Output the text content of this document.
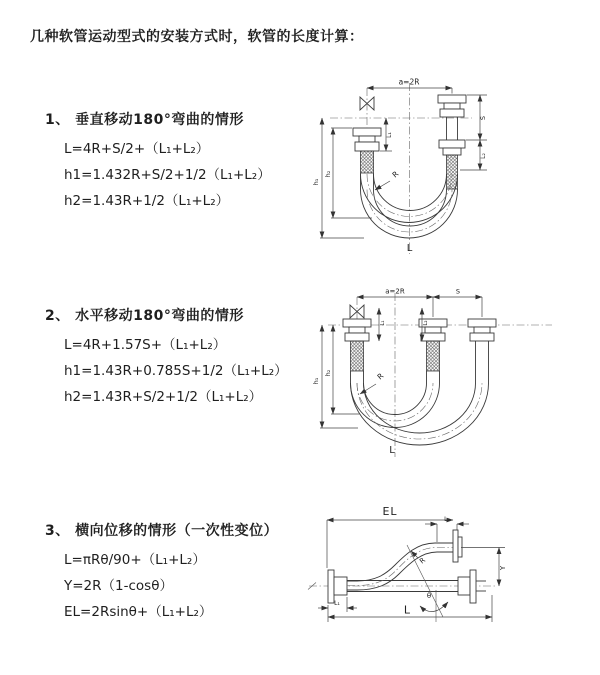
几种软管运动型式的安装方式时，软管的长度计算：
1、 垂直移动180°弯曲的情形
L=4R+S/2+（L₁+L₂）
h1=1.432R+S/2+1/2（L₁+L₂）
h2=1.43R+1/2（L₁+L₂）
2、 水平移动180°弯曲的情形
L=4R+1.57S+（L₁+L₂）
h1=1.43R+0.785S+1/2（L₁+L₂）
h2=1.43R+S/2+1/2（L₁+L₂）
3、 横向位移的情形（一次性变位）
L=πRθ/90+（L₁+L₂）
Y=2R（1-cosθ）
EL=2Rsinθ+（L₁+L₂）
a=2R
h₁
h₂
L₁
S
L₂
R
L
a=2R	S
h₁
h₂
L₁	L₂
R
L
EL
L₂
θ
R
Y
L
L₁
